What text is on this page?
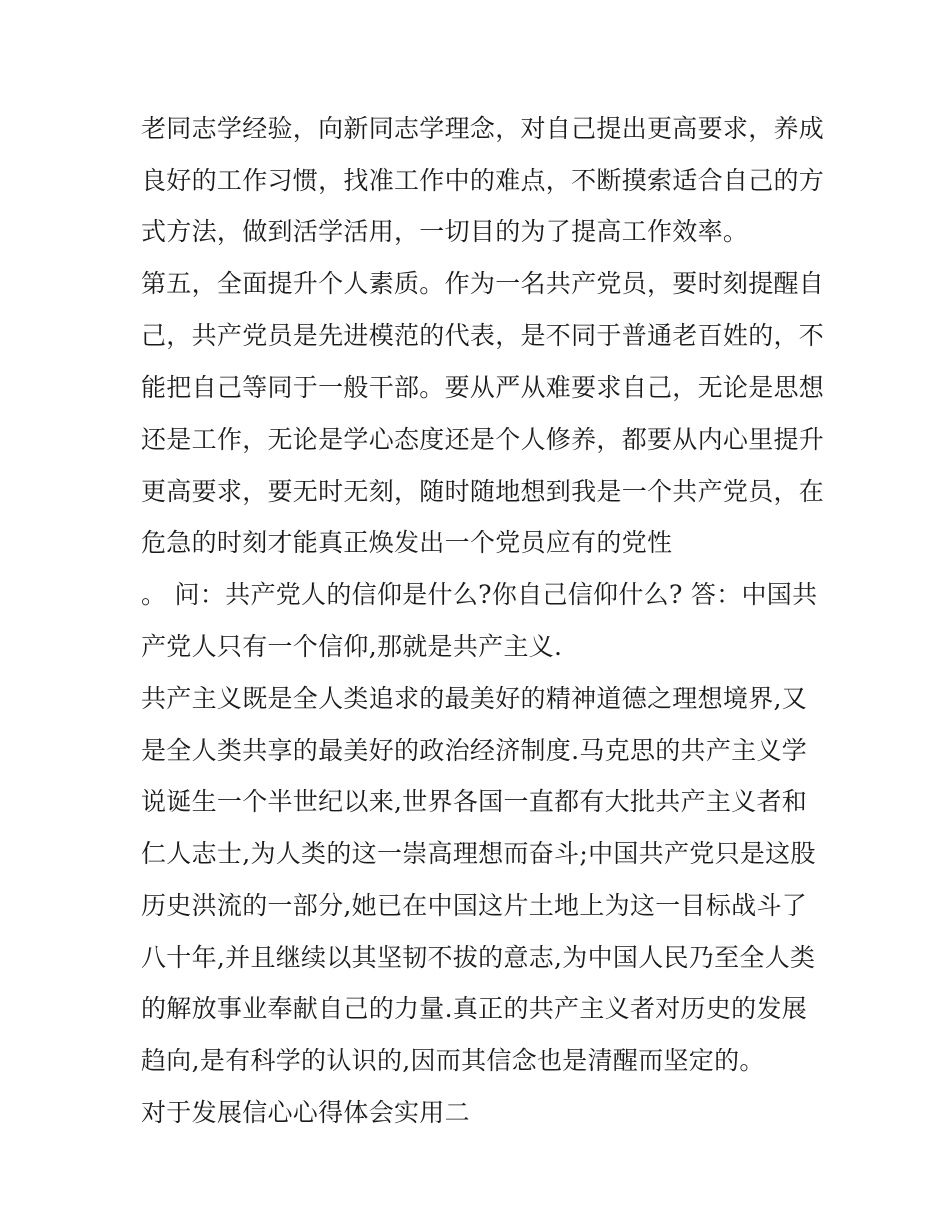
老同志学经验，向新同志学理念，对自己提出更高要求，养成
良好的工作习惯，找准工作中的难点，不断摸索适合自己的方
式方法，做到活学活用，一切目的为了提高工作效率。
第五，全面提升个人素质。作为一名共产党员，要时刻提醒自
己，共产党员是先进模范的代表，是不同于普通老百姓的，不
能把自己等同于一般干部。要从严从难要求自己，无论是思想
还是工作，无论是学心态度还是个人修养，都要从内心里提升
更高要求，要无时无刻，随时随地想到我是一个共产党员，在
危急的时刻才能真正焕发出一个党员应有的党性
。 问：共产党人的信仰是什么?你自己信仰什么? 答：中国共
产党人只有一个信仰,那就是共产主义.
共产主义既是全人类追求的最美好的精神道德之理想境界,又
是全人类共享的最美好的政治经济制度.马克思的共产主义学
说诞生一个半世纪以来,世界各国一直都有大批共产主义者和
仁人志士,为人类的这一崇高理想而奋斗;中国共产党只是这股
历史洪流的一部分,她已在中国这片土地上为这一目标战斗了
八十年,并且继续以其坚韧不拔的意志,为中国人民乃至全人类
的解放事业奉献自己的力量.真正的共产主义者对历史的发展
趋向,是有科学的认识的,因而其信念也是清醒而坚定的。
对于发展信心心得体会实用二
